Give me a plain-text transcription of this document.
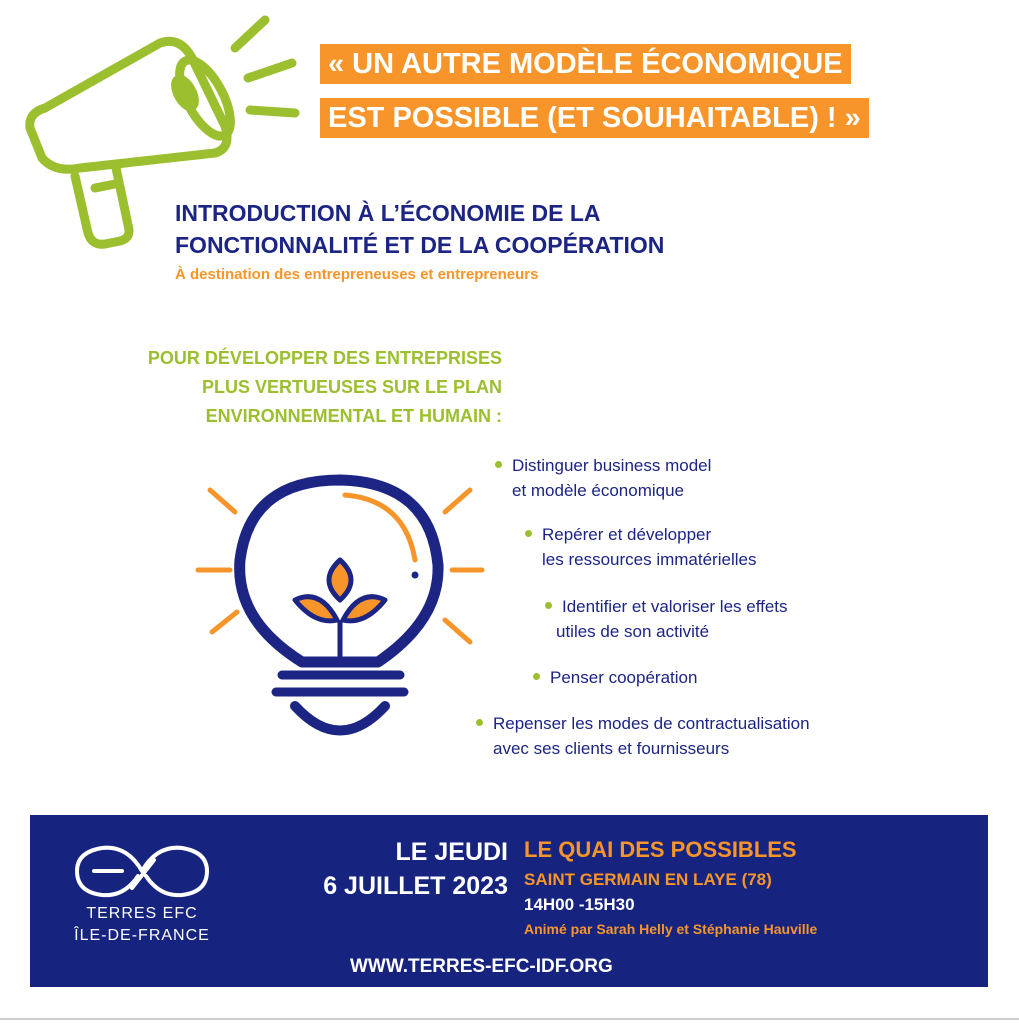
« UN AUTRE MODÈLE ÉCONOMIQUE
EST POSSIBLE (ET SOUHAITABLE) ! »
INTRODUCTION À L’ÉCONOMIE DE LA
FONCTIONNALITÉ ET DE LA COOPÉRATION
À destination des entrepreneuses et entrepreneurs
POUR DÉVELOPPER DES ENTREPRISES
PLUS VERTUEUSES SUR LE PLAN
ENVIRONNEMENTAL ET HUMAIN :
Distinguer business model
et modèle économique
Repérer et développer
les ressources immatérielles
Identifier et valoriser les effets
utiles de son activité
Penser coopération
Repenser les modes de contractualisation
avec ses clients et fournisseurs
TERRES EFC
ÎLE-DE-FRANCE
LE JEUDI
6 JUILLET 2023
LE QUAI DES POSSIBLES
SAINT GERMAIN EN LAYE (78)
14H00 -15H30
Animé par Sarah Helly et Stéphanie Hauville
WWW.TERRES-EFC-IDF.ORG
